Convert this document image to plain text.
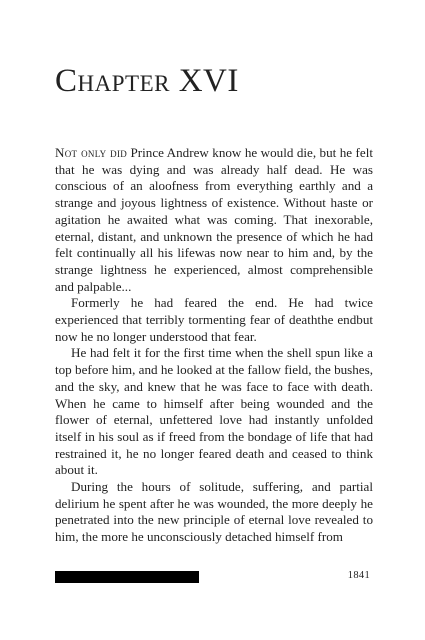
Chapter XVI

Not only did Prince Andrew know he would die, but he felt that he was dying and was already half dead. He was conscious of an aloofness from everything earthly and a strange and joyous lightness of existence. Without haste or agitation he awaited what was coming. That inexorable, eternal, distant, and unknown the presence of which he had felt continually all his lifewas now near to him and, by the strange lightness he experienced, almost comprehensible and palpable...

Formerly he had feared the end. He had twice experienced that terribly tormenting fear of deaththe endbut now he no longer understood that fear.

He had felt it for the first time when the shell spun like a top before him, and he looked at the fallow field, the bushes, and the sky, and knew that he was face to face with death. When he came to himself after being wounded and the flower of eternal, unfettered love had instantly unfolded itself in his soul as if freed from the bondage of life that had restrained it, he no longer feared death and ceased to think about it.

During the hours of solitude, suffering, and partial delirium he spent after he was wounded, the more deeply he penetrated into the new principle of eternal love revealed to him, the more he unconsciously detached himself from

1841
